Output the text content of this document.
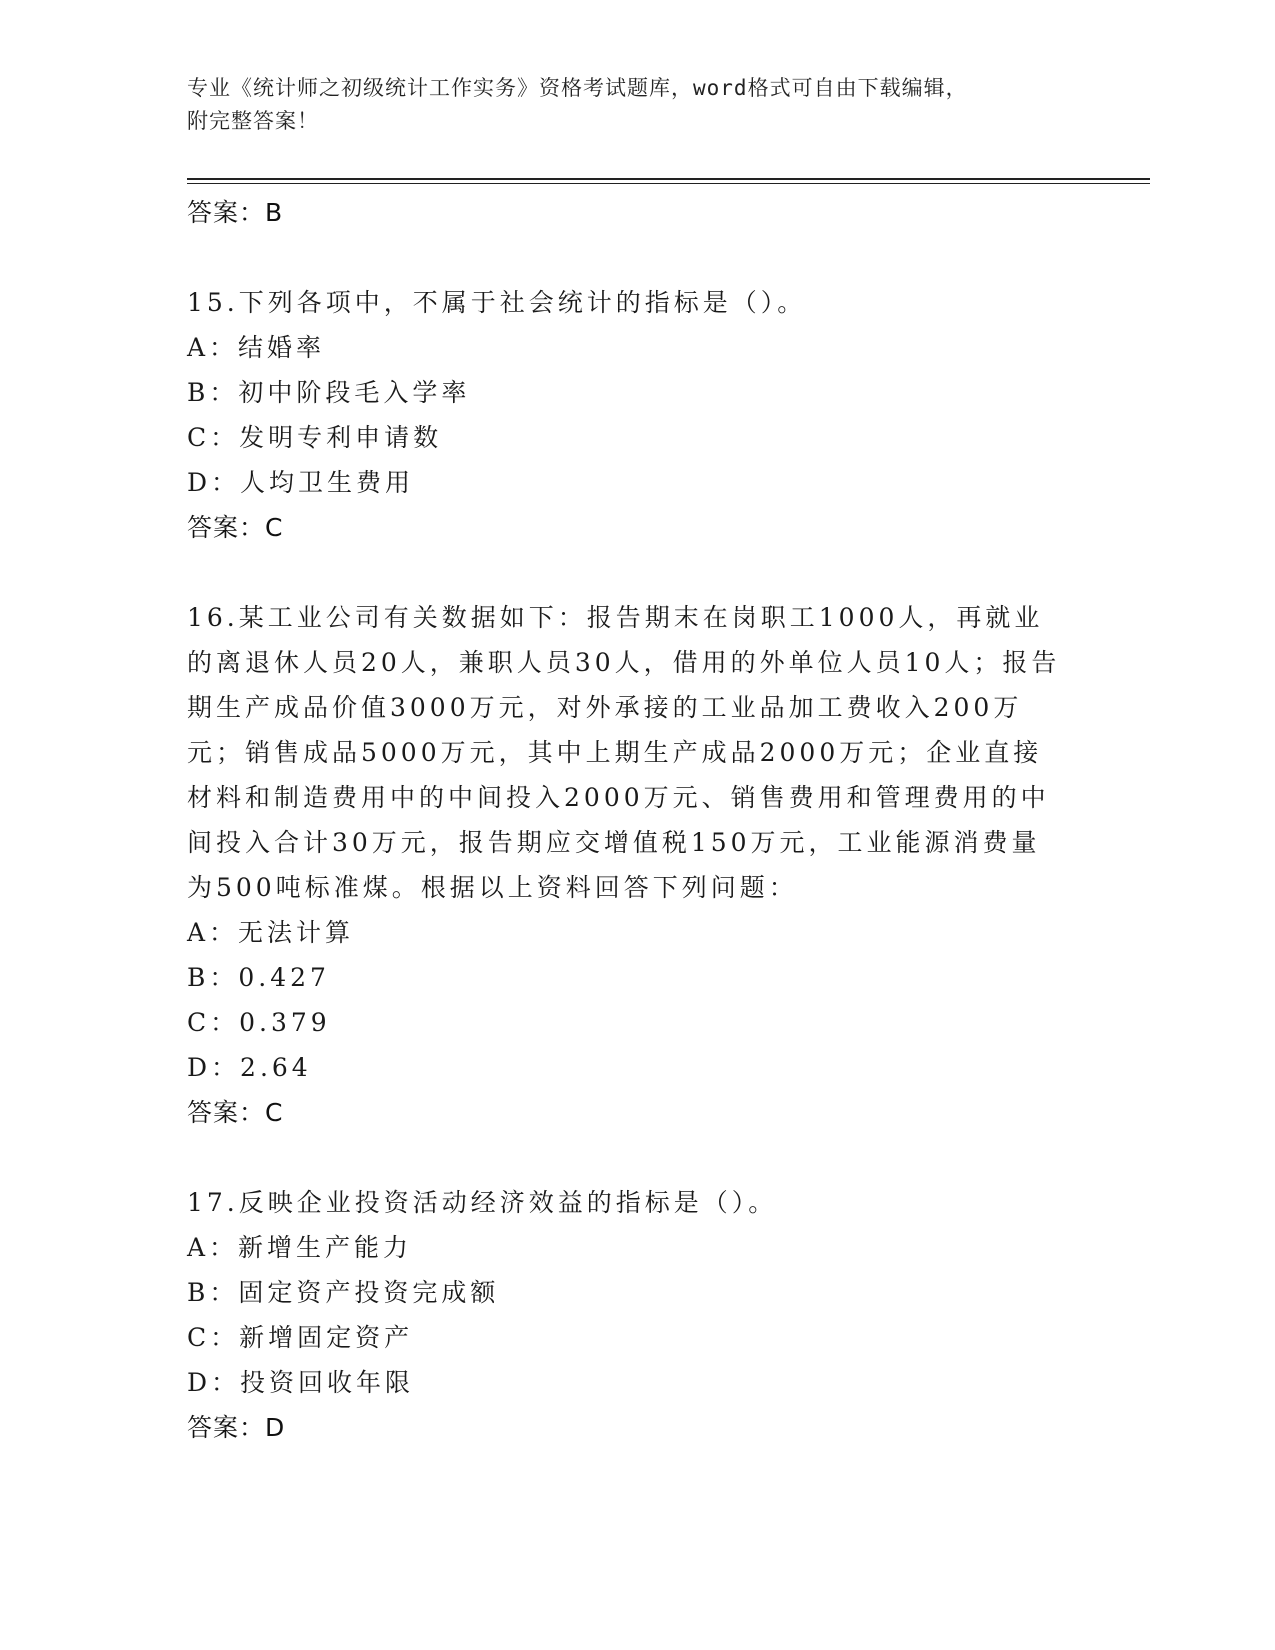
专业《统计师之初级统计工作实务》资格考试题库，word格式可自由下载编辑，
附完整答案！
答案：B
15.下列各项中，不属于社会统计的指标是（）。
A：结婚率
B：初中阶段毛入学率
C：发明专利申请数
D：人均卫生费用
答案：C
16.某工业公司有关数据如下：报告期末在岗职工1000人，再就业的离退休人员20人，兼职人员30人，借用的外单位人员10人；报告期生产成品价值3000万元，对外承接的工业品加工费收入200万元；销售成品5000万元，其中上期生产成品2000万元；企业直接材料和制造费用中的中间投入2000万元、销售费用和管理费用的中间投入合计30万元，报告期应交增值税150万元，工业能源消费量为500吨标准煤。根据以上资料回答下列问题：
A：无法计算
B：0.427
C：0.379
D：2.64
答案：C
17.反映企业投资活动经济效益的指标是（）。
A：新增生产能力
B：固定资产投资完成额
C：新增固定资产
D：投资回收年限
答案：D
